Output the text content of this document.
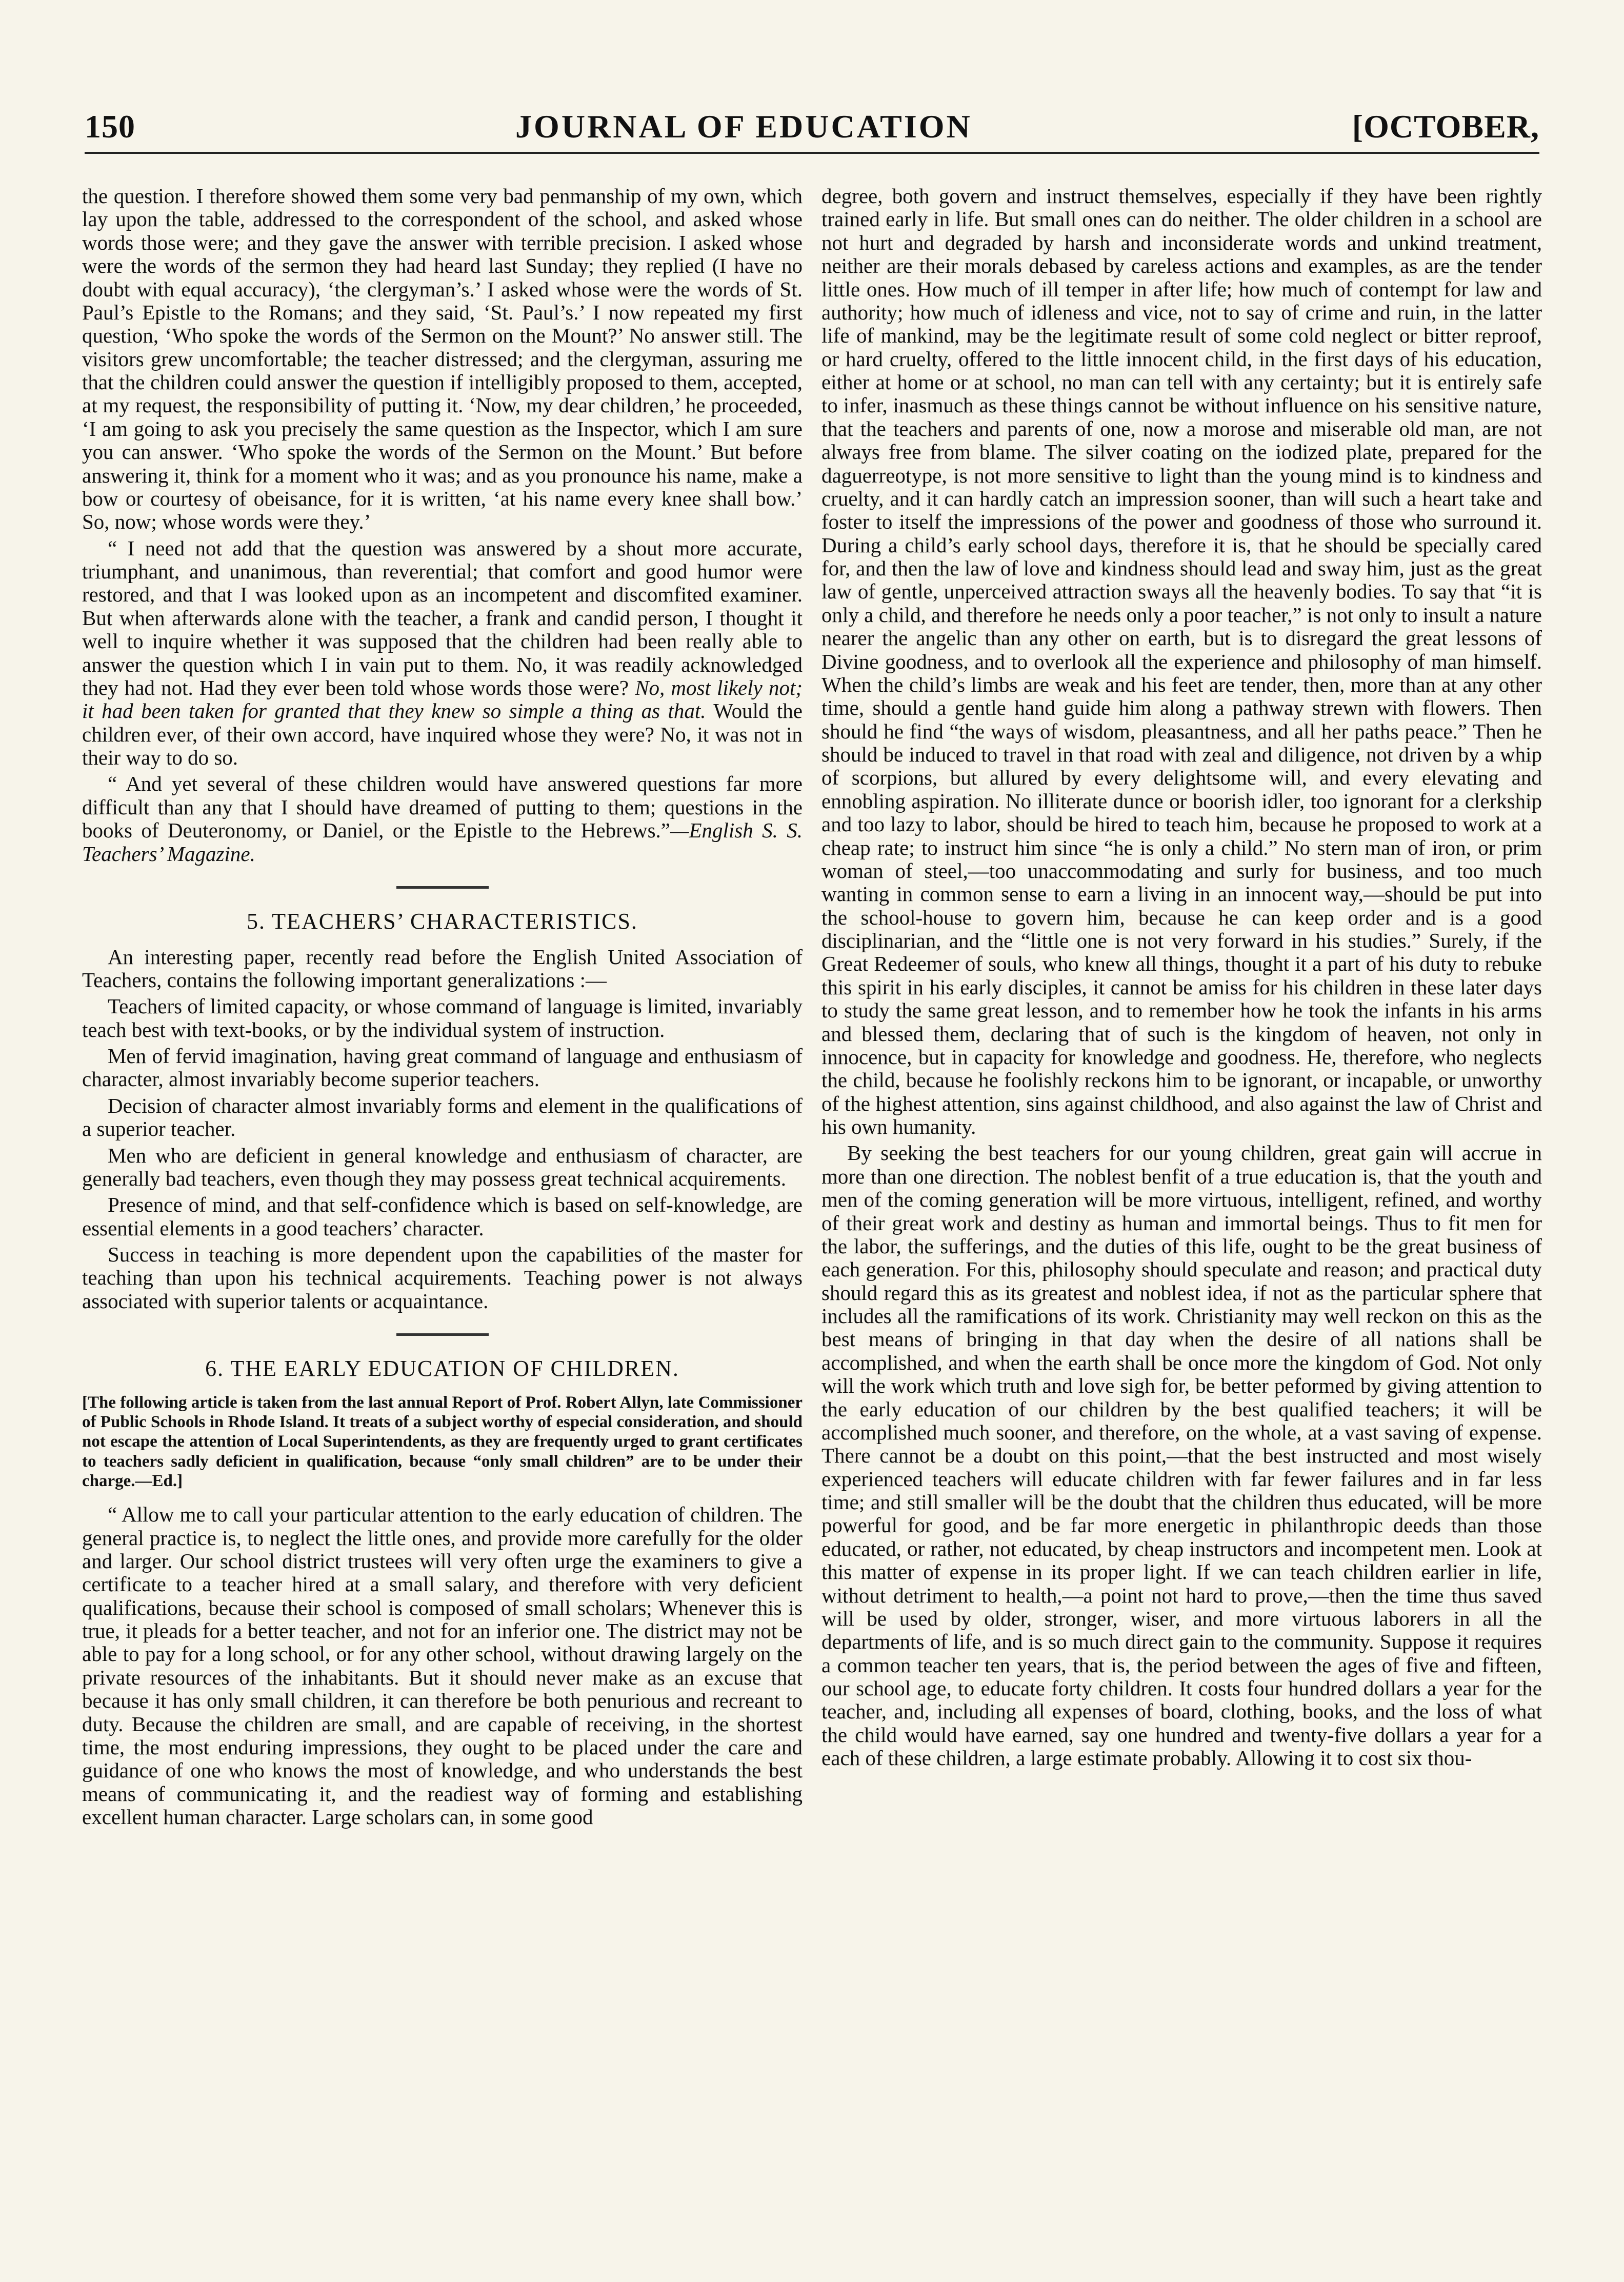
150	JOURNAL OF EDUCATION	[OCTOBER,

the question. I therefore showed them some very bad penmanship of my own, which lay upon the table, addressed to the correspondent of the school, and asked whose words those were; and they gave the answer with terrible precision. I asked whose were the words of the sermon they had heard last Sunday; they replied (I have no doubt with equal accuracy), ‘the clergyman’s.’ I asked whose were the words of St. Paul’s Epistle to the Romans; and they said, ‘St. Paul’s.’ I now repeated my first question, ‘Who spoke the words of the Sermon on the Mount?’ No answer still. The visitors grew uncomfortable; the teacher distressed; and the clergyman, assuring me that the children could answer the question if intelligibly proposed to them, accepted, at my request, the responsibility of putting it. ‘Now, my dear children,’ he proceeded, ‘I am going to ask you precisely the same question as the Inspector, which I am sure you can answer. ‘Who spoke the words of the Sermon on the Mount.’ But before answering it, think for a moment who it was; and as you pronounce his name, make a bow or courtesy of obeisance, for it is written, ‘at his name every knee shall bow.’ So, now; whose words were they.’

“ I need not add that the question was answered by a shout more accurate, triumphant, and unanimous, than reverential; that comfort and good humor were restored, and that I was looked upon as an incompetent and discomfited examiner. But when afterwards alone with the teacher, a frank and candid person, I thought it well to inquire whether it was supposed that the children had been really able to answer the question which I in vain put to them. No, it was readily acknowledged they had not. Had they ever been told whose words those were? No, most likely not; it had been taken for granted that they knew so simple a thing as that. Would the children ever, of their own accord, have inquired whose they were? No, it was not in their way to do so.

“ And yet several of these children would have answered questions far more difficult than any that I should have dreamed of putting to them; questions in the books of Deuteronomy, or Daniel, or the Epistle to the Hebrews.”—English S. S. Teachers’ Magazine.

5. TEACHERS’ CHARACTERISTICS.

An interesting paper, recently read before the English United Association of Teachers, contains the following important generalizations :—

Teachers of limited capacity, or whose command of language is limited, invariably teach best with text-books, or by the individual system of instruction.

Men of fervid imagination, having great command of language and enthusiasm of character, almost invariably become superior teachers.

Decision of character almost invariably forms and element in the qualifications of a superior teacher.

Men who are deficient in general knowledge and enthusiasm of character, are generally bad teachers, even though they may possess great technical acquirements.

Presence of mind, and that self-confidence which is based on self-knowledge, are essential elements in a good teachers’ character.

Success in teaching is more dependent upon the capabilities of the master for teaching than upon his technical acquirements. Teaching power is not always associated with superior talents or acquaintance.

6. THE EARLY EDUCATION OF CHILDREN.

[The following article is taken from the last annual Report of Prof. Robert Allyn, late Commissioner of Public Schools in Rhode Island. It treats of a subject worthy of especial consideration, and should not escape the attention of Local Superintendents, as they are frequently urged to grant certificates to teachers sadly deficient in qualification, because “only small children” are to be under their charge.—Ed.]

“ Allow me to call your particular attention to the early education of children. The general practice is, to neglect the little ones, and provide more carefully for the older and larger. Our school district trustees will very often urge the examiners to give a certificate to a teacher hired at a small salary, and therefore with very deficient qualifications, because their school is composed of small scholars; Whenever this is true, it pleads for a better teacher, and not for an inferior one. The district may not be able to pay for a long school, or for any other school, without drawing largely on the private resources of the inhabitants. But it should never make as an excuse that because it has only small children, it can therefore be both penurious and recreant to duty. Because the children are small, and are capable of receiving, in the shortest time, the most enduring impressions, they ought to be placed under the care and guidance of one who knows the most of knowledge, and who understands the best means of communicating it, and the readiest way of forming and establishing excellent human character. Large scholars can, in some good

degree, both govern and instruct themselves, especially if they have been rightly trained early in life. But small ones can do neither. The older children in a school are not hurt and degraded by harsh and inconsiderate words and unkind treatment, neither are their morals debased by careless actions and examples, as are the tender little ones. How much of ill temper in after life; how much of contempt for law and authority; how much of idleness and vice, not to say of crime and ruin, in the latter life of mankind, may be the legitimate result of some cold neglect or bitter reproof, or hard cruelty, offered to the little innocent child, in the first days of his education, either at home or at school, no man can tell with any certainty; but it is entirely safe to infer, inasmuch as these things cannot be without influence on his sensitive nature, that the teachers and parents of one, now a morose and miserable old man, are not always free from blame. The silver coating on the iodized plate, prepared for the daguerreotype, is not more sensitive to light than the young mind is to kindness and cruelty, and it can hardly catch an impression sooner, than will such a heart take and foster to itself the impressions of the power and goodness of those who surround it. During a child’s early school days, therefore it is, that he should be specially cared for, and then the law of love and kindness should lead and sway him, just as the great law of gentle, unperceived attraction sways all the heavenly bodies. To say that “it is only a child, and therefore he needs only a poor teacher,” is not only to insult a nature nearer the angelic than any other on earth, but is to disregard the great lessons of Divine goodness, and to overlook all the experience and philosophy of man himself. When the child’s limbs are weak and his feet are tender, then, more than at any other time, should a gentle hand guide him along a pathway strewn with flowers. Then should he find “the ways of wisdom, pleasantness, and all her paths peace.” Then he should be induced to travel in that road with zeal and diligence, not driven by a whip of scorpions, but allured by every delightsome will, and every elevating and ennobling aspiration. No illiterate dunce or boorish idler, too ignorant for a clerkship and too lazy to labor, should be hired to teach him, because he proposed to work at a cheap rate; to instruct him since “he is only a child.” No stern man of iron, or prim woman of steel,—too unaccommodating and surly for business, and too much wanting in common sense to earn a living in an innocent way,—should be put into the school-house to govern him, because he can keep order and is a good disciplinarian, and the “little one is not very forward in his studies.” Surely, if the Great Redeemer of souls, who knew all things, thought it a part of his duty to rebuke this spirit in his early disciples, it cannot be amiss for his children in these later days to study the same great lesson, and to remember how he took the infants in his arms and blessed them, declaring that of such is the kingdom of heaven, not only in innocence, but in capacity for knowledge and goodness. He, therefore, who neglects the child, because he foolishly reckons him to be ignorant, or incapable, or unworthy of the highest attention, sins against childhood, and also against the law of Christ and his own humanity.

By seeking the best teachers for our young children, great gain will accrue in more than one direction. The noblest benfit of a true education is, that the youth and men of the coming generation will be more virtuous, intelligent, refined, and worthy of their great work and destiny as human and immortal beings. Thus to fit men for the labor, the sufferings, and the duties of this life, ought to be the great business of each generation. For this, philosophy should speculate and reason; and practical duty should regard this as its greatest and noblest idea, if not as the particular sphere that includes all the ramifications of its work. Christianity may well reckon on this as the best means of bringing in that day when the desire of all nations shall be accomplished, and when the earth shall be once more the kingdom of God. Not only will the work which truth and love sigh for, be better peformed by giving attention to the early education of our children by the best qualified teachers; it will be accomplished much sooner, and therefore, on the whole, at a vast saving of expense. There cannot be a doubt on this point,—that the best instructed and most wisely experienced teachers will educate children with far fewer failures and in far less time; and still smaller will be the doubt that the children thus educated, will be more powerful for good, and be far more energetic in philanthropic deeds than those educated, or rather, not educated, by cheap instructors and incompetent men. Look at this matter of expense in its proper light. If we can teach children earlier in life, without detriment to health,—a point not hard to prove,—then the time thus saved will be used by older, stronger, wiser, and more virtuous laborers in all the departments of life, and is so much direct gain to the community. Suppose it requires a common teacher ten years, that is, the period between the ages of five and fifteen, our school age, to educate forty children. It costs four hundred dollars a year for the teacher, and, including all expenses of board, clothing, books, and the loss of what the child would have earned, say one hundred and twenty-five dollars a year for a each of these children, a large estimate probably. Allowing it to cost six thou-
